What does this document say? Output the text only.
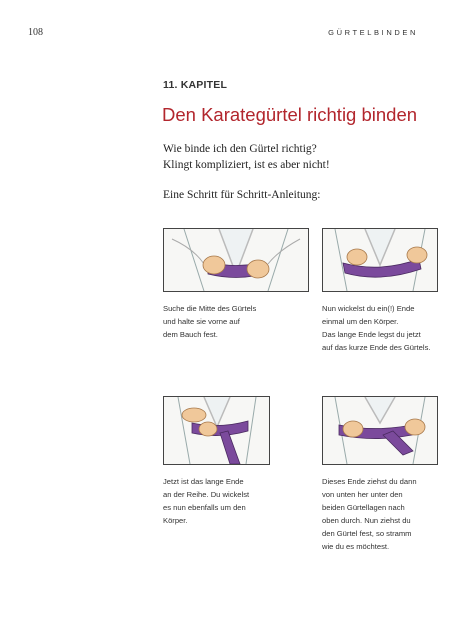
108	GÜRTELBINDEN
11. KAPITEL
Den Karategürtel richtig binden
Wie binde ich den Gürtel richtig?
Klingt kompliziert, ist es aber nicht!
Eine Schritt für Schritt-Anleitung:
Suche die Mitte des Gürtels
und halte sie vorne auf
dem Bauch fest.
Nun wickelst du ein(!) Ende
einmal um den Körper.
Das lange Ende legst du jetzt
auf das kurze Ende des Gürtels.
Jetzt ist das lange Ende
an der Reihe. Du wickelst
es nun ebenfalls um den
Körper.
Dieses Ende ziehst du dann
von unten her unter den
beiden Gürtellagen nach
oben durch. Nun ziehst du
den Gürtel fest, so stramm
wie du es möchtest.
